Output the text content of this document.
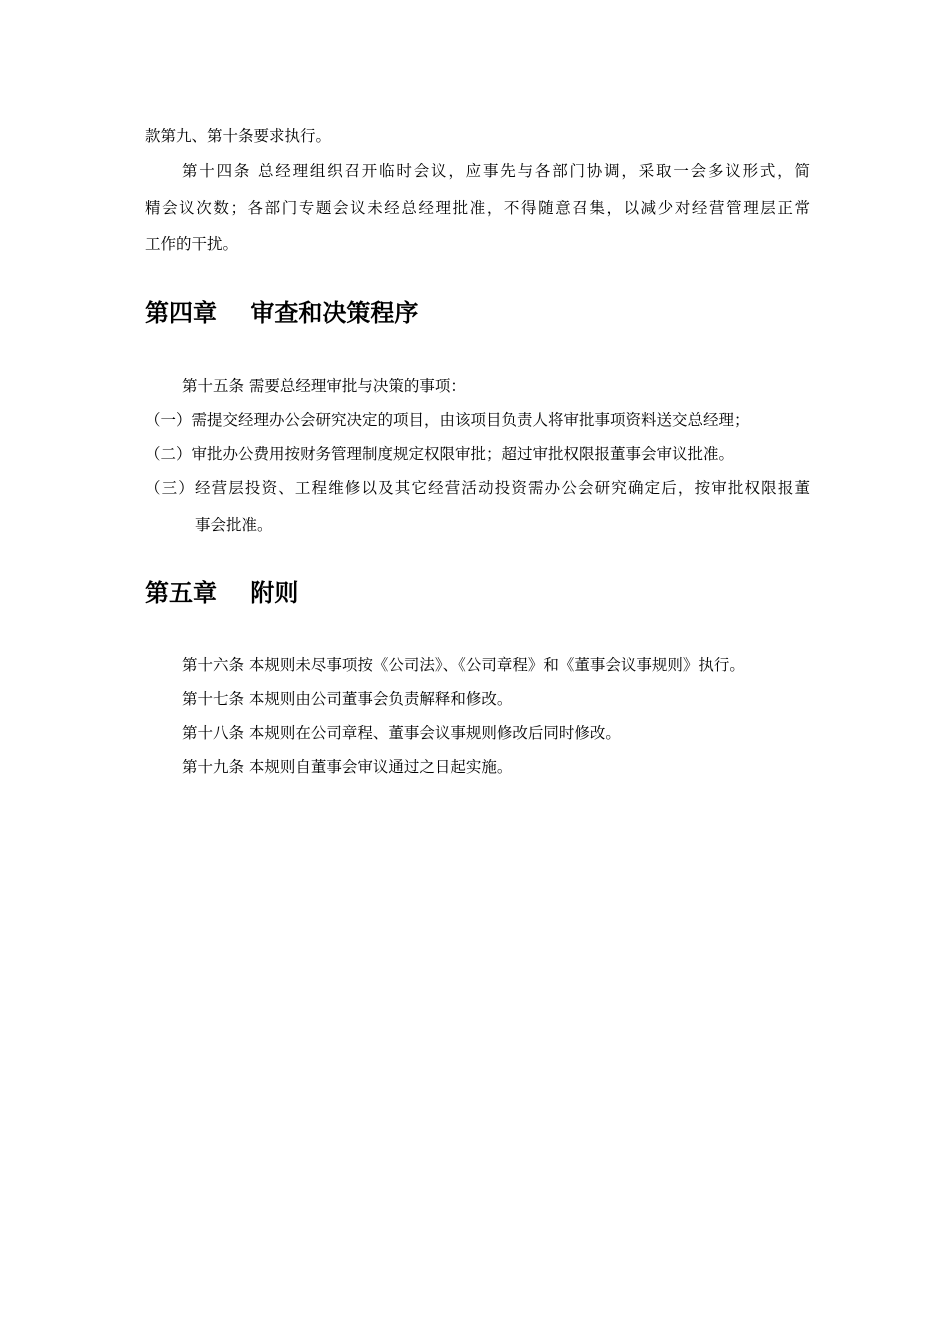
款第九、第十条要求执行。
第十四条 总经理组织召开临时会议，应事先与各部门协调，采取一会多议形式，简
精会议次数；各部门专题会议未经总经理批准，不得随意召集，以减少对经营管理层正常
工作的干扰。
第四章    审查和决策程序
第十五条 需要总经理审批与决策的事项：
（一）需提交经理办公会研究决定的项目，由该项目负责人将审批事项资料送交总经理；
（二）审批办公费用按财务管理制度规定权限审批；超过审批权限报董事会审议批准。
（三）经营层投资、工程维修以及其它经营活动投资需办公会研究确定后，按审批权限报董
事会批准。
第五章    附则
第十六条 本规则未尽事项按《公司法》、《公司章程》和《董事会议事规则》执行。
第十七条 本规则由公司董事会负责解释和修改。
第十八条 本规则在公司章程、董事会议事规则修改后同时修改。
第十九条 本规则自董事会审议通过之日起实施。
